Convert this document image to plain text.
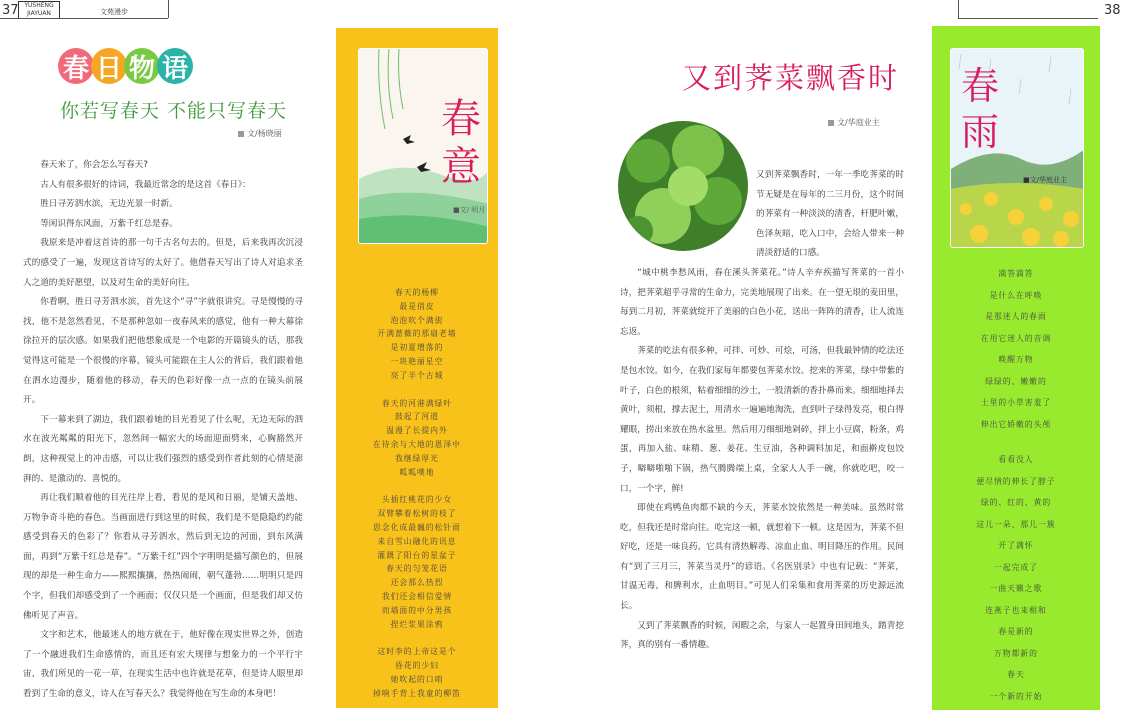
37 YUSHENG
JIAYUAN	文苑漫步	38
春 日 物 语
你若写春天 不能只写春天
文/杨晓丽

春天来了，你会怎么写春天?

古人有很多很好的诗词，我最近常念的是这首《春日》：

胜日寻芳泗水滨，无边光景一时新。

等闲识得东风面，万紫千红总是春。

我原来是冲着这首诗的那一句千古名句去的。但是，后来我再次沉浸式的感受了一遍，发现这首诗写的太好了。他借春天写出了诗人对追求圣人之道的美好愿望，以及对生命的美好向往。

你看啊，胜日寻芳泗水滨，首先这个“寻”字就很讲究。寻是慢慢的寻找，他不是忽然看见，不是那种忽如一夜春风来的感觉，他有一种大幕徐徐拉开的层次感。如果我们把他想象成是一个电影的开篇镜头的话，那我觉得这可能是一个很慢的序幕，镜头可能跟在主人公的背后，我们跟着他在泗水边漫步，随着他的移动，春天的色彩好像一点一点的在镜头前展开。

下一幕来到了湖边，我们跟着她的目光看见了什么呢，无边无际的泗水在波光粼粼的阳光下，忽然间一幅宏大的场面迎面劈来，心胸豁然开朗，这种视觉上的冲击感，可以让我们强烈的感受到作者此刻的心情是澎湃的、是激动的、喜悦的。

再让我们顺着他的目光往岸上看，看见的是风和日丽，是铺天盖地、万物争奇斗艳的春色。当画面进行到这里的时候，我们是不是隐隐约约能感受到春天的色彩了？你看从寻芳泗水，然后到无边的河面，到东风满面，再到“万紫千红总是春”。“万紫千红”四个字明明是描写颜色的，但展现的却是一种生命力——熙熙攘攘，热热闹闹，朝气蓬勃……明明只是四个字，但我们却感受到了一个画面；仅仅只是一个画面，但是我们却又仿佛听见了声音。

文字和艺术，他最迷人的地方就在于，他好像在现实世界之外，创造了一个融进我们生命感情的，而且还有宏大规律与想象力的一个平行宇宙，我们所见的一花一草，在现实生活中也许就是花草，但是诗人眼里却看到了生命的意义，诗人在写春天么？我觉得他在写生命的本身吧！

春意
■文/ 明月
春天的杨柳
最是俏皮
泡泡吹个满街
开满蔷薇的那扇老墙
是初夏增落的
一块艳丽星空
亮了半个古城
春天的河港满绿叶
鼓起了河道
温漫了长提内外
在待余与大地的恩泽中
我继绿厚光
呱呱噗地
头插红桃花的少女
双臂攀着松树的枝了
思念化成最巍的松针雨
来自雪山融化的讯息
灌溉了阳台的星盆子
春天的匀笼花语
还会那么热烈
我们还会相信爱情
而墙面的中分男孩
捏烂浆果涂鸦
这时李的上帝这是个
昏花的少妇
她吹起的口哨
掉响手背上我童的柳笛
又到荠菜飘香时
文/华庭业主

又到荠菜飘香时，一年一季吃荠菜的时节无疑是在每年的二三月份，这个时间的荠菜有一种淡淡的清香，杆肥叶嫩，色泽灰暗，吃入口中，会给人带来一种清淡舒适的口感。

“城中桃李愁风雨，春在溪头荠菜花。”诗人辛弃疾描写荠菜的一首小诗，把荠菜超乎寻常的生命力，完美地展现了出来。在一望无垠的麦田里，每到二月初，荠菜就绽开了美丽的白色小花，送出一阵阵的清香，让人流连忘返。

荠菜的吃法有很多种，可拌、可炒、可烩，可汤，但我最钟情的吃法还是包水饺。如今，在我们家每年都要包荠菜水饺。挖来的荠菜，绿中带紫的叶子，白色的根须，粘着细细的沙土，一股清新的香扑鼻而来。细细地择去黄叶，须根，撑去泥土，用清水一遍遍地淘洗，直到叶子绿得发亮，根白得耀眼，捞出来放在热水盆里。然后用刀细细地剁碎，拌上小豆腐，粉条，鸡蛋，再加入盐、味精、葱、姜花、生豆油，各种调料加足，和面擀皮包饺子，噼噼啪啪下锅，热气腾腾端上桌，全家人人手一碗，你就吃吧，咬一口，一个字，鲜!

即使在鸡鸭鱼肉都不缺的今天，荠菜水饺依然是一种美味。虽然时常吃，但我还是时常向往。吃完这一顿，就想着下一顿。这是因为，荠菜不但好吃，还是一味良药。它具有清热解毒、凉血止血、明目降压的作用。民间有“到了三月三，荠菜当灵丹”的谚语。《名医别录》中也有记载：“荠菜，甘温无毒，和脾利水，止血明目。”可见人们采集和食用荠菜的历史源远流长。

又到了荠菜飘香的时候，闲暇之余，与家人一起置身田间地头，踏青挖荠，真的别有一番情趣。

春雨
■文/华庭业主
滴答滴答
是什么在呼唤
是那迷人的春雨
在用它迷人的音调
唤醒万物
绿绿的、嫩嫩的
土里的小草害羞了
伸出它娇嫩的头颅
看看没人
便尽情的伸长了脖子
绿的、红的、黄的
这儿一朵、那儿一簇
开了满怀
一起完成了
一曲天籁之歌
连燕子也来相和
春是新的
万物都新的
春天
一个新的开始
